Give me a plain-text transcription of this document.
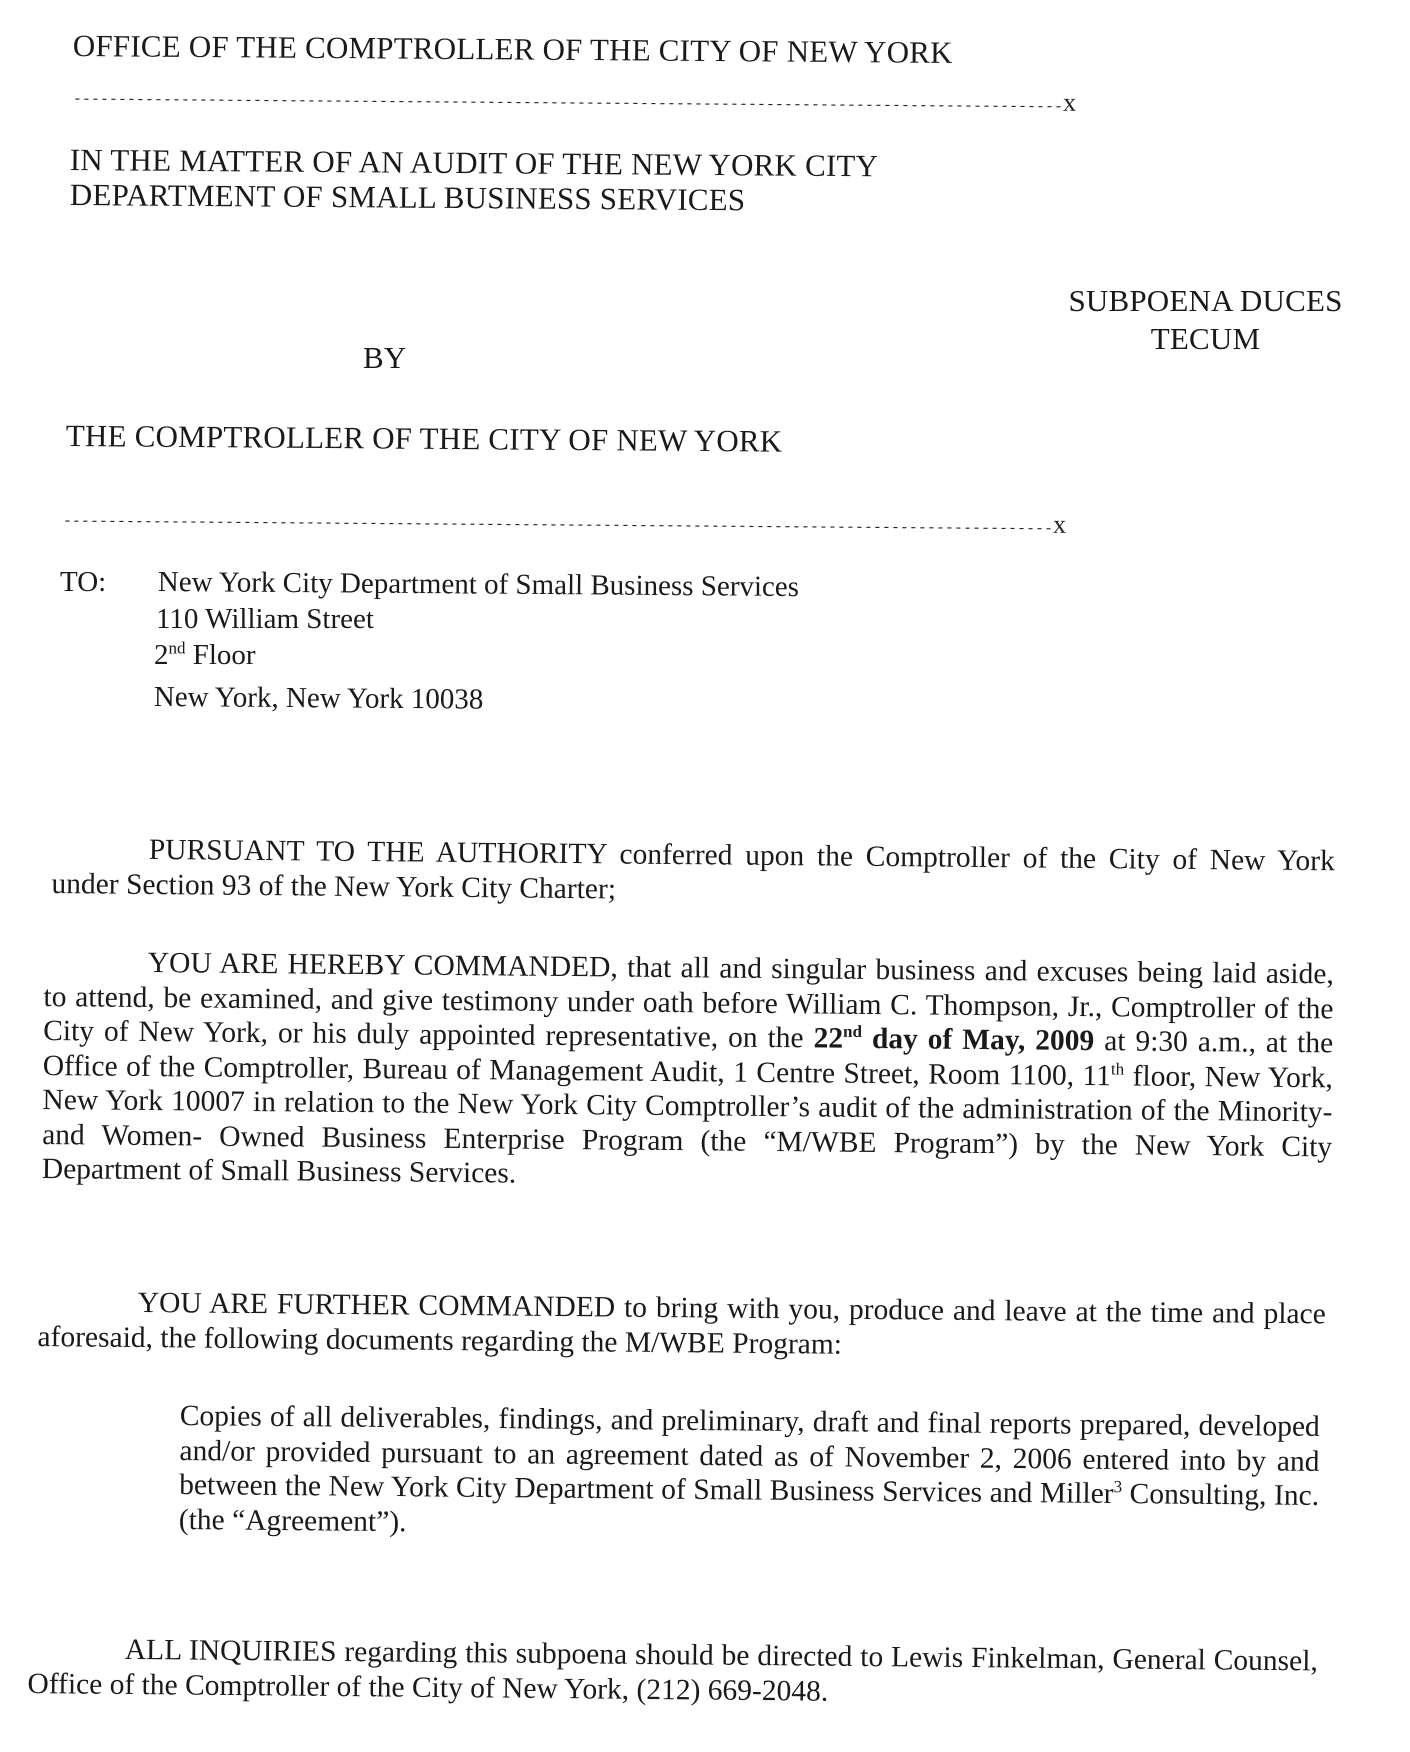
OFFICE OF THE COMPTROLLER OF THE CITY OF NEW YORK
--------------------------------------------------------------------------------------------------------------x
IN THE MATTER OF AN AUDIT OF THE NEW YORK CITY
DEPARTMENT OF SMALL BUSINESS SERVICES
SUBPOENA DUCES
TECUM
BY
THE COMPTROLLER OF THE CITY OF NEW YORK
--------------------------------------------------------------------------------------------------------------x
TO: New York City Department of Small Business Services
110 William Street
2nd Floor
New York, New York 10038
PURSUANT TO THE AUTHORITY conferred upon the Comptroller of the City of New York under Section 93 of the New York City Charter;
YOU ARE HEREBY COMMANDED, that all and singular business and excuses being laid aside, to attend, be examined, and give testimony under oath before William C. Thompson, Jr., Comptroller of the City of New York, or his duly appointed representative, on the 22nd day of May, 2009 at 9:30 a.m., at the Office of the Comptroller, Bureau of Management Audit, 1 Centre Street, Room 1100, 11th floor, New York, New York 10007 in relation to the New York City Comptroller’s audit of the administration of the Minority- and Women- Owned Business Enterprise Program (the “M/WBE Program”) by the New York City Department of Small Business Services.
YOU ARE FURTHER COMMANDED to bring with you, produce and leave at the time and place aforesaid, the following documents regarding the M/WBE Program:
Copies of all deliverables, findings, and preliminary, draft and final reports prepared, developed and/or provided pursuant to an agreement dated as of November 2, 2006 entered into by and between the New York City Department of Small Business Services and Miller$^3$ Consulting, Inc. (the “Agreement”).
ALL INQUIRIES regarding this subpoena should be directed to Lewis Finkelman, General Counsel, Office of the Comptroller of the City of New York, (212) 669-2048.
